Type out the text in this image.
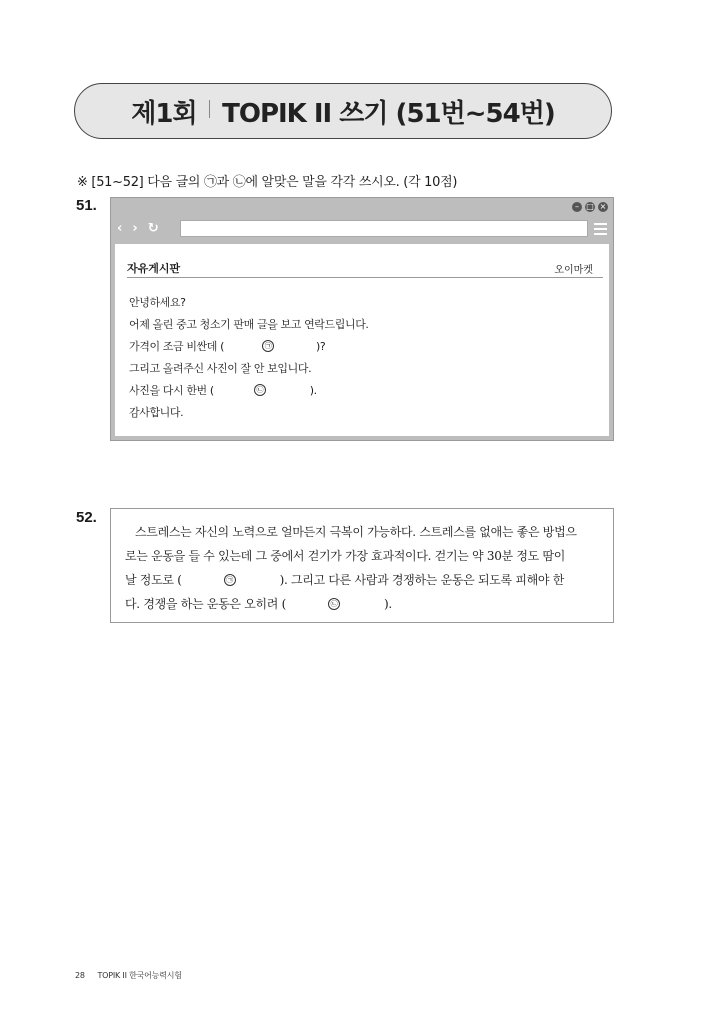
제1회 TOPIK II 쓰기 (51번~54번)
※ [51~52] 다음 글의 ㉠과 ㉡에 알맞은 말을 각각 쓰시오. (각 10점)
51.	– □ ×
‹ › ↻
자유게시판	오이마켓
안녕하세요?
어제 올린 중고 청소기 판매 글을 보고 연락드립니다.
가격이 조금 비싼데 (	㉠	)?
그리고 올려주신 사진이 잘 안 보입니다.
사진을 다시 한번 (	㉡	).
감사합니다.
52.
스트레스는 자신의 노력으로 얼마든지 극복이 가능하다. 스트레스를 없애는 좋은 방법으
로는 운동을 들 수 있는데 그 중에서 걷기가 가장 효과적이다. 걷기는 약 30분 정도 땀이
날 정도로 (	㉠	). 그리고 다른 사람과 경쟁하는 운동은 되도록 피해야 한
다. 경쟁을 하는 운동은 오히려 (	㉡	).
28 TOPIK II 한국어능력시험
